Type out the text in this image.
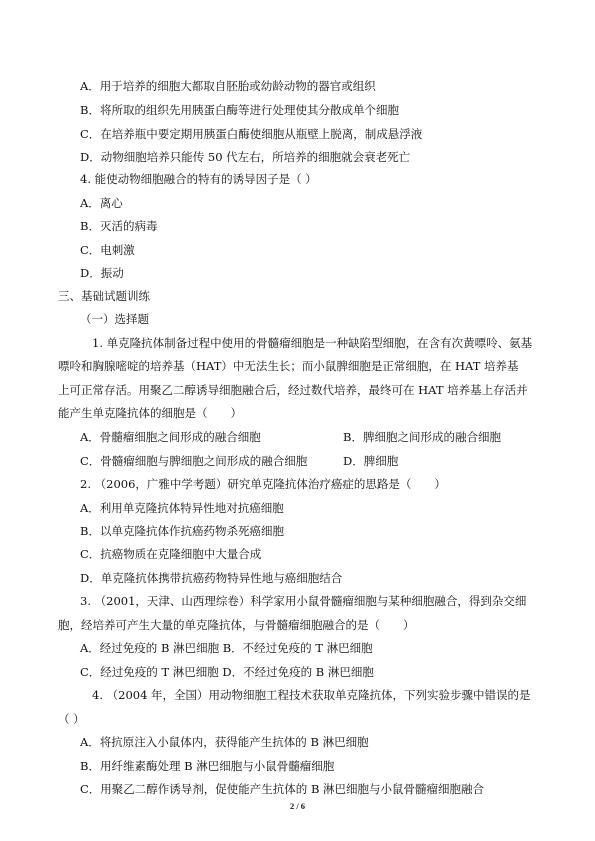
A．用于培养的细胞大都取自胚胎或幼龄动物的器官或组织
B．将所取的组织先用胰蛋白酶等进行处理使其分散成单个细胞
C．在培养瓶中要定期用胰蛋白酶使细胞从瓶壁上脱离，制成悬浮液
D．动物细胞培养只能传 50 代左右，所培养的细胞就会衰老死亡
4. 能使动物细胞融合的特有的诱导因子是（ ）
A．离心
B．灭活的病毒
C．电刺激
D．振动
三、基础试题训练
（一）选择题
1. 单克隆抗体制备过程中使用的骨髓瘤细胞是一种缺陷型细胞，在含有次黄嘌呤、氨基
嘌呤和胸腺嘧啶的培养基（HAT）中无法生长；而小鼠脾细胞是正常细胞，在 HAT 培养基
上可正常存活。用聚乙二醇诱导细胞融合后，经过数代培养，最终可在 HAT 培养基上存活并
能产生单克隆抗体的细胞是（　　）
A．骨髓瘤细胞之间形成的融合细胞	B．脾细胞之间形成的融合细胞
C．骨髓瘤细胞与脾细胞之间形成的融合细胞	D．脾细胞
2. （2006，广雅中学考题）研究单克隆抗体治疗癌症的思路是（　　）
A．利用单克隆抗体特异性地对抗癌细胞
B．以单克隆抗体作抗癌药物杀死癌细胞
C．抗癌物质在克隆细胞中大量合成
D．单克隆抗体携带抗癌药物特异性地与癌细胞结合
3. （2001，天津、山西理综卷）科学家用小鼠骨髓瘤细胞与某种细胞融合，得到杂交细
胞，经培养可产生大量的单克隆抗体，与骨髓瘤细胞融合的是（　　）
A．经过免疫的 B 淋巴细胞 B．不经过免疫的 T 淋巴细胞
C．经过免疫的 T 淋巴细胞 D．不经过免疫的 B 淋巴细胞
4. （2004 年，全国）用动物细胞工程技术获取单克隆抗体，下列实验步骤中错误的是
（ ）
A．将抗原注入小鼠体内，获得能产生抗体的 B 淋巴细胞
B．用纤维素酶处理 B 淋巴细胞与小鼠骨髓瘤细胞
C．用聚乙二醇作诱导剂，促使能产生抗体的 B 淋巴细胞与小鼠骨髓瘤细胞融合
2 / 6
